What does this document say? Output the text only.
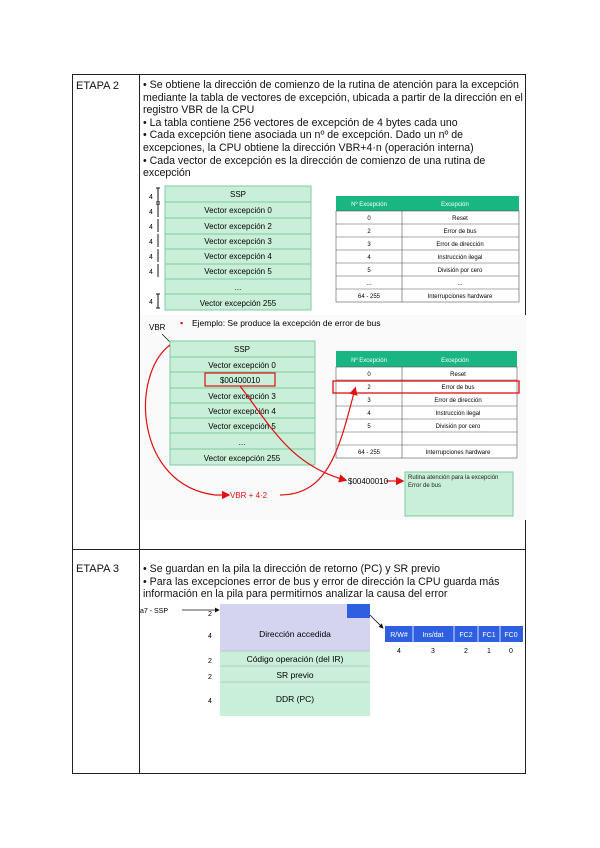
ETAPA 2 • Se obtiene la dirección de comienzo de la rutina de atención para la excepción mediante la tabla de vectores de excepción, ubicada a partir de la dirección en el registro VBR de la CPU
• La tabla contiene 256 vectores de excepción de 4 bytes cada uno
• Cada excepción tiene asociada un nº de excepción. Dado un nº de excepciones, la CPU obtiene la dirección VBR+4·n (operación interna)
• Cada vector de excepción es la dirección de comienzo de una rutina de excepción
4
4
4
4
4
4
4
SSP
Vector excepción 0
Vector excepción 2
Vector excepción 3
Vector excepción 4
Vector excepción 5
...
Vector excepción 255
Nº Excepción	Excepción
0	Reset
2	Error de bus
3	Error de dirección
4	Instrucción ilegal
5	División por cero
...	...
64 - 255	Interrupciones hardware
VBR ▪ Ejemplo: Se produce la excepción de error de bus
SSP
Vector excepción 0
$00400010
Vector excepción 3
Vector excepción 4
Vector excepción 5
...
Vector excepción 255
Nº Excepción	Excepción
0	Reset
2	Error de bus
3	Error de dirección
4	Instrucción ilegal
5	División por cero
64 - 255	Interrupciones hardware
VBR + 4·2
$00400010	Rutina atención para la excepción Error de bus
ETAPA 3 • Se guardan en la pila la dirección de retorno (PC) y SR previo
• Para las excepciones error de bus y error de dirección la CPU guarda más información en la pila para permitirnos analizar la causa del error
a7 - SSP	2
4
2
2
4
Dirección accedida
Código operación (del IR)
SR previo
DDR (PC)
R/W# Ins/dat FC2 FC1 FC0
4	3	2	1	0
